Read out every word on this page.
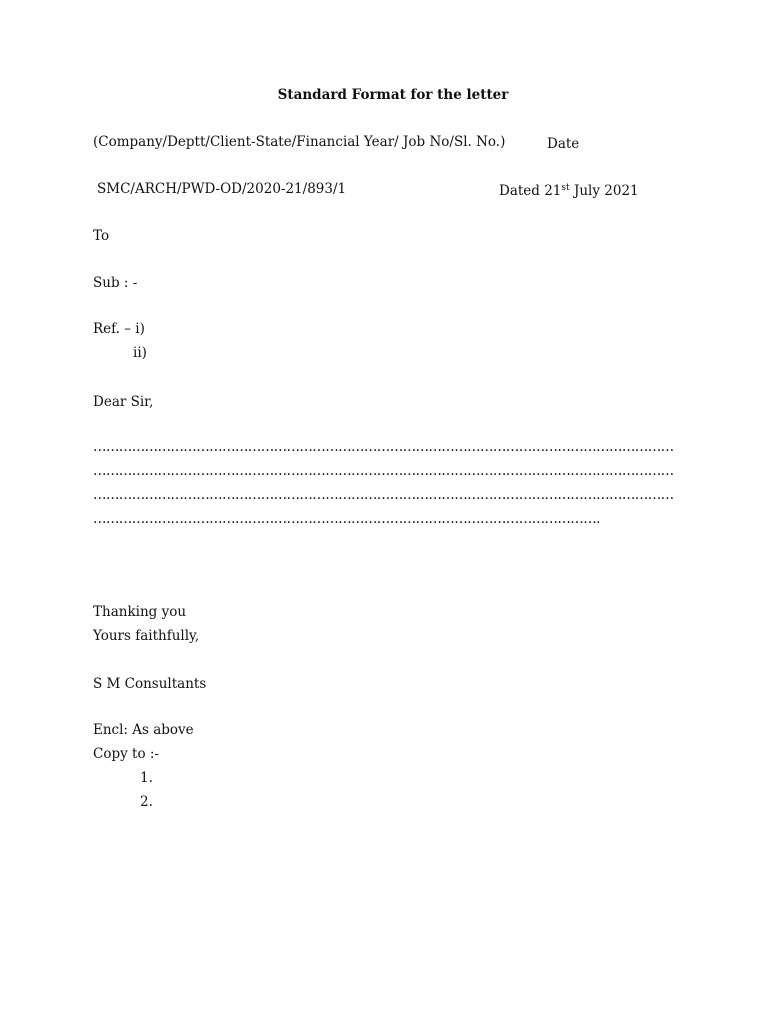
Standard Format for the letter
(Company/Deptt/Client-State/Financial Year/ Job No/Sl. No.)	Date
SMC/ARCH/PWD-OD/2020-21/893/1	Dated 21st July 2021
To
Sub : -
Ref. – i)
ii)
Dear Sir,
………………………………………………………………………………………………………………………
………………………………………………………………………………………………………………………
………………………………………………………………………………………………………………………
……………………………………………………………………………………………………….
Thanking you
Yours faithfully,
S M Consultants
Encl: As above
Copy to :-
1.
2.
